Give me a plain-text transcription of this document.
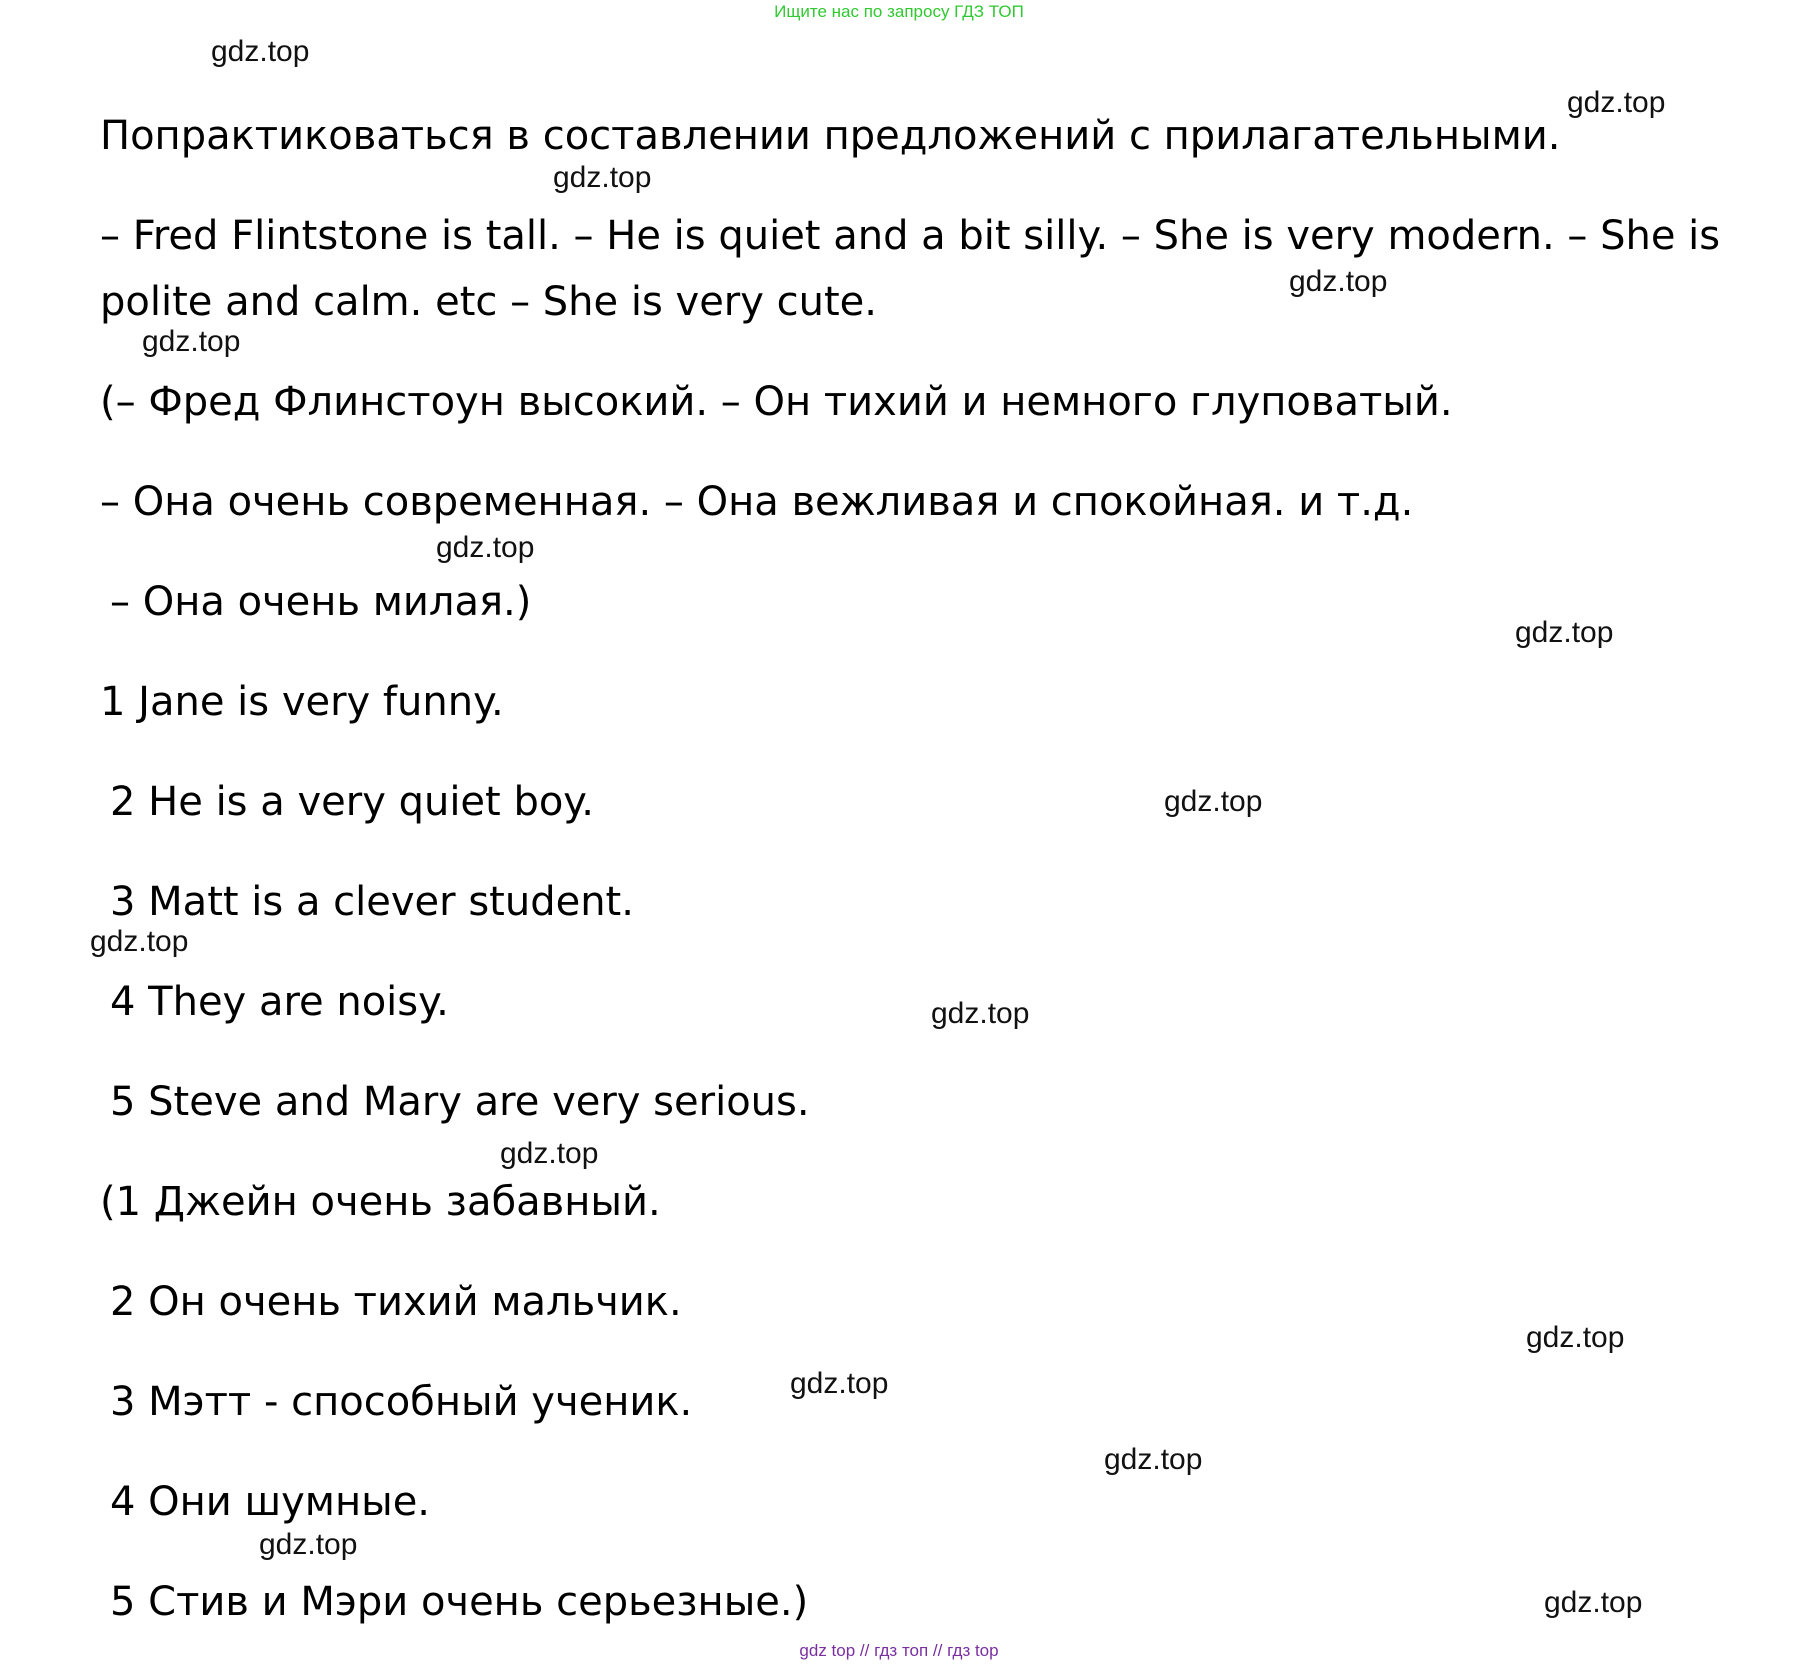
Ищите нас по запросу ГДЗ ТОП
Попрактиковаться в составлении предложений с прилагательными.
– Fred Flintstone is tall. – He is quiet and a bit silly. – She is very modern. – She is
polite and calm. etc – She is very cute.
(– Фред Флинстоун высокий. – Он тихий и немного глуповатый.
– Она очень современная. – Она вежливая и спокойная. и т.д.
– Она очень милая.)
1 Jane is very funny.
2 He is a very quiet boy.
3 Matt is a clever student.
4 They are noisy.
5 Steve and Mary are very serious.
(1 Джейн очень забавный.
2 Он очень тихий мальчик.
3 Мэтт - способный ученик.
4 Они шумные.
5 Стив и Мэри очень серьезные.)
gdz.top
gdz.top
gdz.top
gdz.top
gdz.top
gdz.top
gdz.top
gdz.top
gdz.top
gdz.top
gdz.top
gdz.top
gdz.top
gdz.top
gdz.top
gdz.top
gdz top // гдз топ // гдз top
